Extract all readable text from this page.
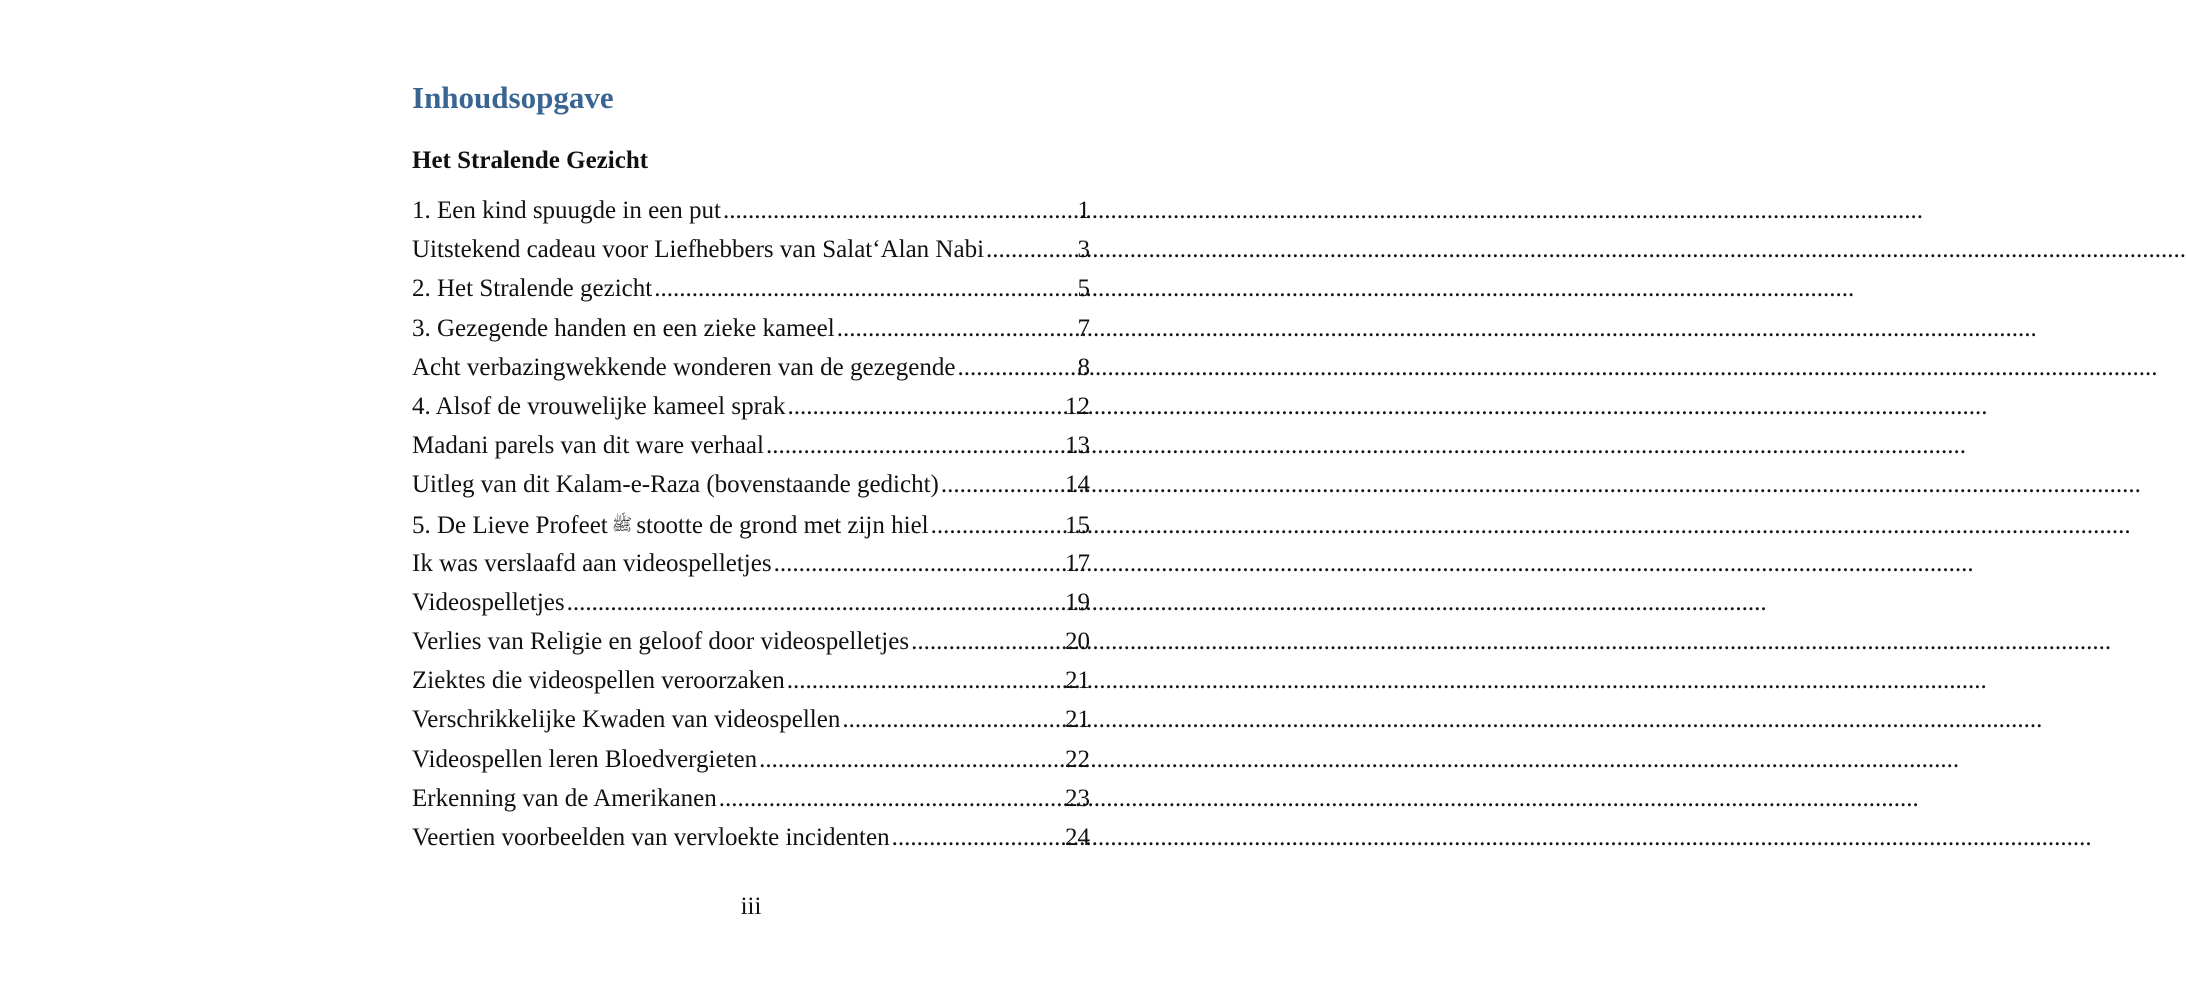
Inhoudsopgave
Het Stralende Gezicht
1. Een kind spuugde in een put .....	1
Uitstekend cadeau voor Liefhebbers van Salat‘Alan Nabi .....	3
2. Het Stralende gezicht .....	5
3. Gezegende handen en een zieke kameel .....	7
Acht verbazingwekkende wonderen van de gezegende .....	8
4. Alsof de vrouwelijke kameel sprak .....	12
Madani parels van dit ware verhaal .....	13
Uitleg van dit Kalam-e-Raza (bovenstaande gedicht) .....	14
5. De Lieve Profeet ﷺ stootte de grond met zijn hiel .....	15
Ik was verslaafd aan videospelletjes .....	17
Videospelletjes .....	19
Verlies van Religie en geloof door videospelletjes .....	20
Ziektes die videospellen veroorzaken .....	21
Verschrikkelijke Kwaden van videospellen .....	21
Videospellen leren Bloedvergieten .....	22
Erkenning van de Amerikanen .....	23
Veertien voorbeelden van vervloekte incidenten .....	24
iii
